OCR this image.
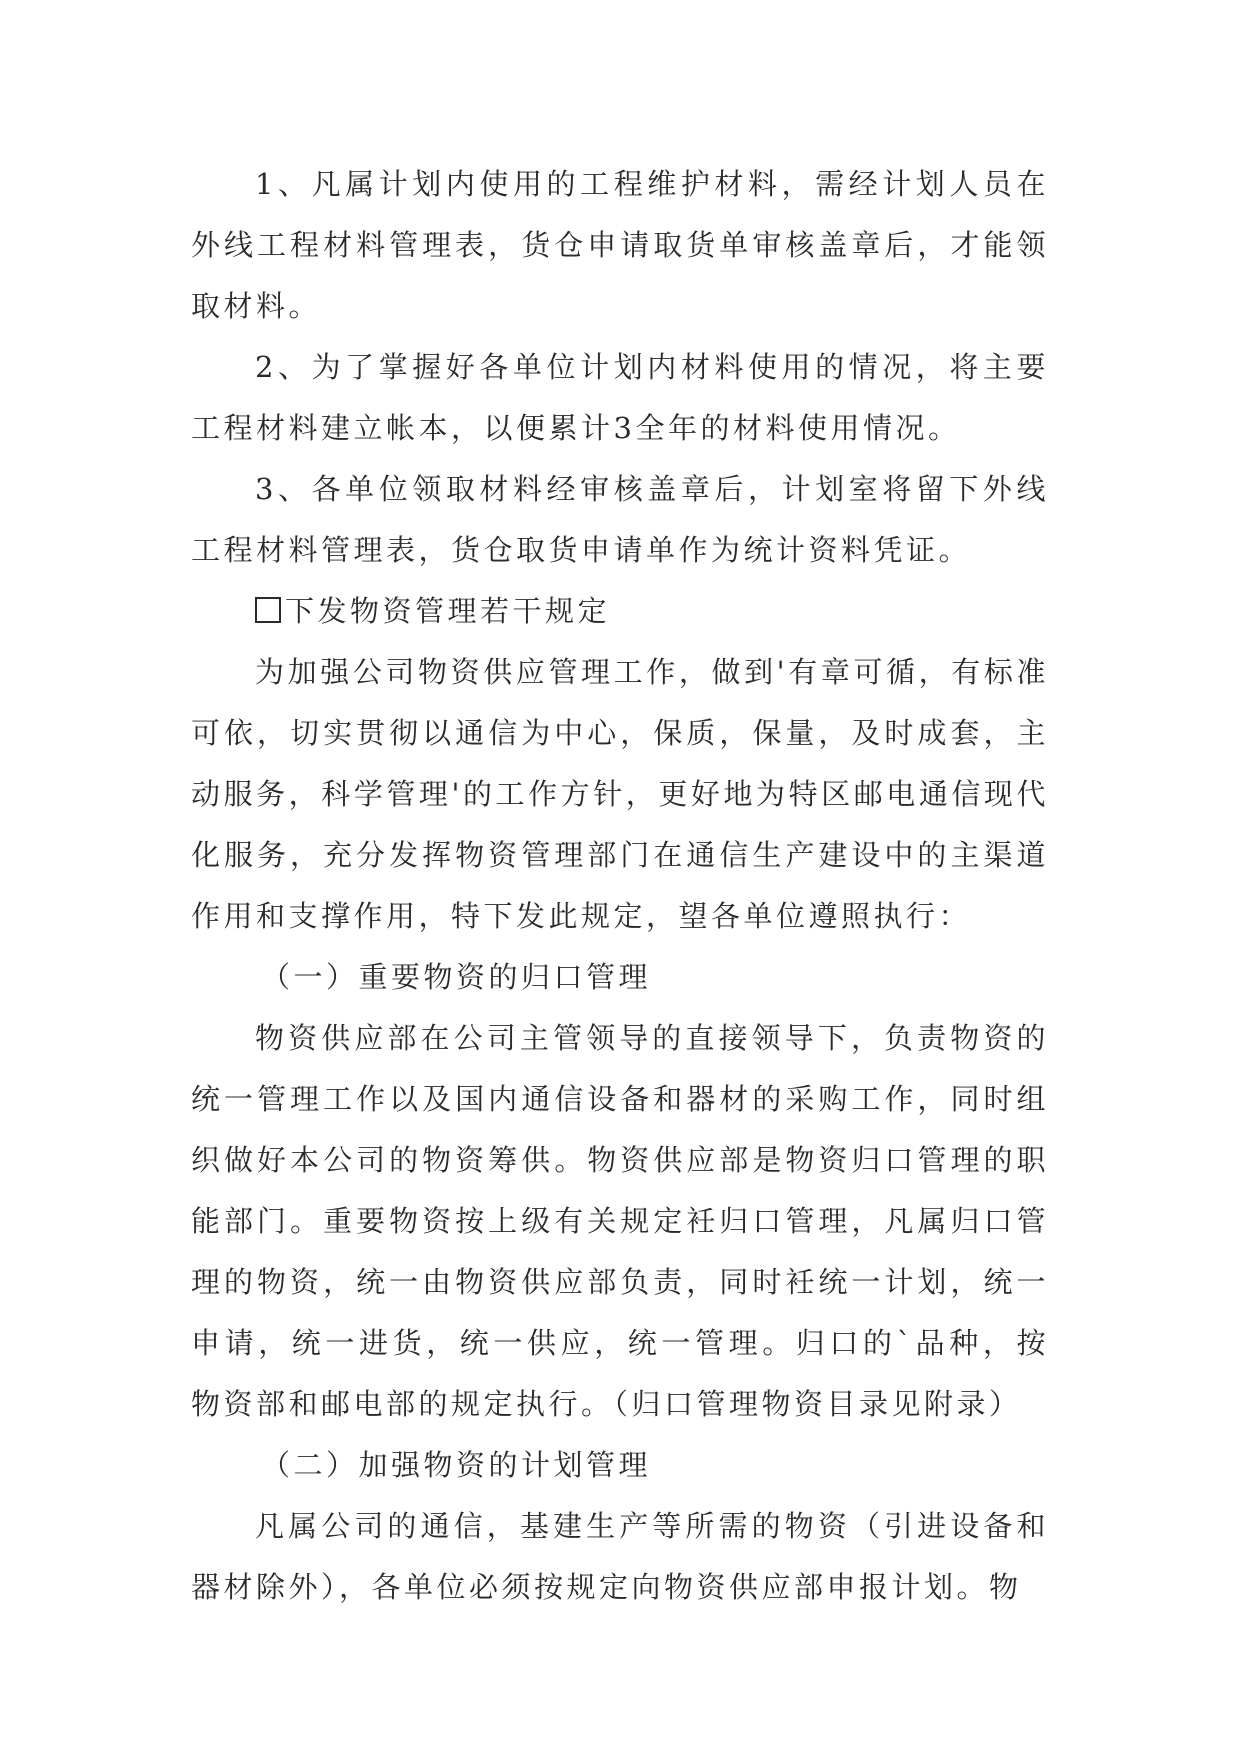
1、凡属计划内使用的工程维护材料，需经计划人员在外线工程材料管理表，货仓申请取货单审核盖章后，才能领取材料。

2、为了掌握好各单位计划内材料使用的情况，将主要工程材料建立帐本，以便累计3全年的材料使用情况。

3、各单位领取材料经审核盖章后，计划室将留下外线工程材料管理表，货仓取货申请单作为统计资料凭证。

下发物资管理若干规定

为加强公司物资供应管理工作，做到'有章可循，有标准可依，切实贯彻以通信为中心，保质，保量，及时成套，主动服务，科学管理'的工作方针，更好地为特区邮电通信现代化服务，充分发挥物资管理部门在通信生产建设中的主渠道作用和支撑作用，特下发此规定，望各单位遵照执行：

（一）重要物资的归口管理

物资供应部在公司主管领导的直接领导下，负责物资的统一管理工作以及国内通信设备和器材的采购工作，同时组织做好本公司的物资筹供。物资供应部是物资归口管理的职能部门。重要物资按上级有关规定衽归口管理，凡属归口管理的物资，统一由物资供应部负责，同时衽统一计划，统一申请，统一进货，统一供应，统一管理。归口的`品种，按物资部和邮电部的规定执行。（归口管理物资目录见附录）

（二）加强物资的计划管理

凡属公司的通信，基建生产等所需的物资（引进设备和器材除外），各单位必须按规定向物资供应部申报计划。物
